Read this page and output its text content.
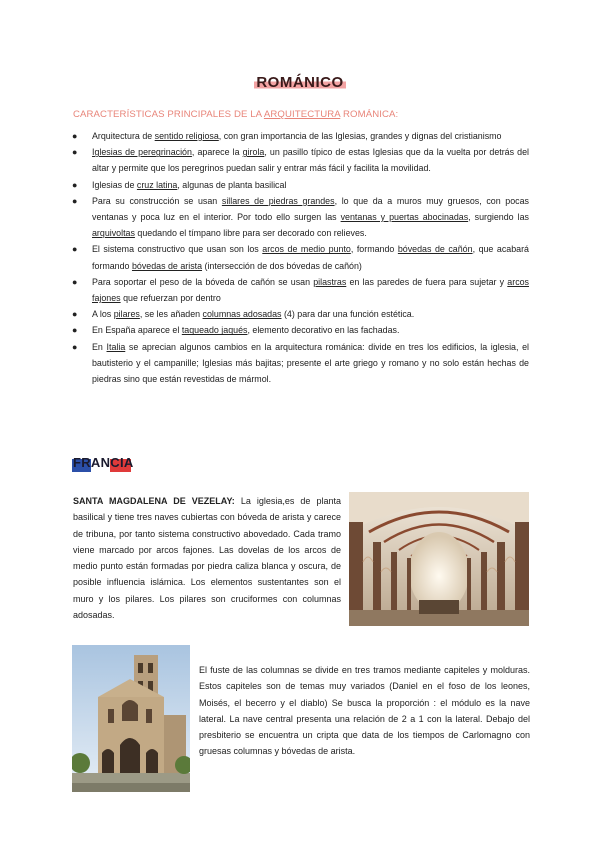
ROMÁNICO
CARACTERÍSTICAS PRINCIPALES DE LA ARQUITECTURA ROMÁNICA:
● Arquitectura de sentido religiosa, con gran importancia de las Iglesias, grandes y dignas del cristianismo
● Iglesias de peregrinación, aparece la girola, un pasillo típico de estas Iglesias que da la vuelta por detrás del altar y permite que los peregrinos puedan salir y entrar más fácil y facilita la movilidad.
● Iglesias de cruz latina, algunas de planta basilical
● Para su construcción se usan sillares de piedras grandes, lo que da a muros muy gruesos, con pocas ventanas y poca luz en el interior. Por todo ello surgen las ventanas y puertas abocinadas, surgiendo las arquivoltas quedando el tímpano libre para ser decorado con relieves.
● El sistema constructivo que usan son los arcos de medio punto, formando bóvedas de cañón, que acabará formando bóvedas de arista (intersección de dos bóvedas de cañón)
● Para soportar el peso de la bóveda de cañón se usan pilastras en las paredes de fuera para sujetar y arcos fajones que refuerzan por dentro
● A los pilares, se les añaden columnas adosadas (4) para dar una función estética.
● En España aparece el taqueado jaqués, elemento decorativo en las fachadas.
● En Italia se aprecian algunos cambios en la arquitectura románica: divide en tres los edificios, la iglesia, el bautisterio y el campanille; Iglesias más bajitas; presente el arte griego y romano y no solo están hechas de piedras sino que están revestidas de mármol.
FRANCIA
SANTA MAGDALENA DE VEZELAY: La iglesia,es de planta basilical y tiene tres naves cubiertas con bóveda de arista y carece de tribuna, por tanto sistema constructivo abovedado. Cada tramo viene marcado por arcos fajones. Las dovelas de los arcos de medio punto están formadas por piedra caliza blanca y oscura, de posible influencia islámica. Los elementos sustentantes son el muro y los pilares. Los pilares son cruciformes con columnas adosadas.
El fuste de las columnas se divide en tres tramos mediante capiteles y molduras. Estos capiteles son de temas muy variados (Daniel en el foso de los leones, Moisés, el becerro y el diablo) Se busca la proporción : el módulo es la nave lateral. La nave central presenta una relación de 2 a 1 con la lateral. Debajo del presbiterio se encuentra un cripta que data de los tiempos de Carlomagno con gruesas columnas y bóvedas de arista.
